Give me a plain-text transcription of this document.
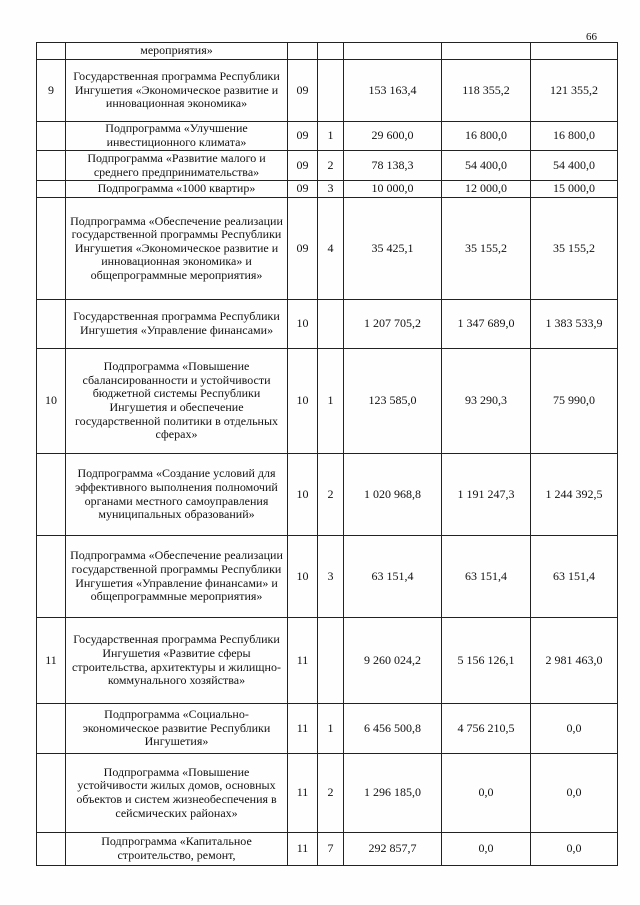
66
	мероприятия»						
9	Государственная программа Республики Ингушетия «Экономическое развитие и инновационная экономика»		09		153 163,4	118 355,2	121 355,2
	Подпрограмма «Улучшение инвестиционного климата»		09	1	29 600,0	16 800,0	16 800,0
	Подпрограмма «Развитие малого и среднего предпринимательства»		09	2	78 138,3	54 400,0	54 400,0
	Подпрограмма «1000 квартир»		09	3	10 000,0	12 000,0	15 000,0
	Подпрограмма «Обеспечение реализации государственной программы Республики Ингушетия «Экономическое развитие и инновационная экономика» и общепрограммные мероприятия»		09	4	35 425,1	35 155,2	35 155,2
	Государственная программа Республики Ингушетия «Управление финансами»		10		1 207 705,2	1 347 689,0	1 383 533,9
10	Подпрограмма «Повышение сбалансированности и устойчивости бюджетной системы Республики Ингушетия и обеспечение государственной политики в отдельных сферах»		10	1	123 585,0	93 290,3	75 990,0
	Подпрограмма «Создание условий для эффективного выполнения полномочий органами местного самоуправления муниципальных образований»		10	2	1 020 968,8	1 191 247,3	1 244 392,5
	Подпрограмма «Обеспечение реализации государственной программы Республики Ингушетия «Управление финансами» и общепрограммные мероприятия»		10	3	63 151,4	63 151,4	63 151,4
11	Государственная программа Республики Ингушетия «Развитие сферы строительства, архитектуры и жилищно-коммунального хозяйства»		11		9 260 024,2	5 156 126,1	2 981 463,0
	Подпрограмма «Социально-экономическое развитие Республики Ингушетия»		11	1	6 456 500,8	4 756 210,5	0,0
	Подпрограмма «Повышение устойчивости жилых домов, основных объектов и систем жизнеобеспечения в сейсмических районах»		11	2	1 296 185,0	0,0	0,0
	Подпрограмма «Капитальное строительство, ремонт,		11	7	292 857,7	0,0	0,0
